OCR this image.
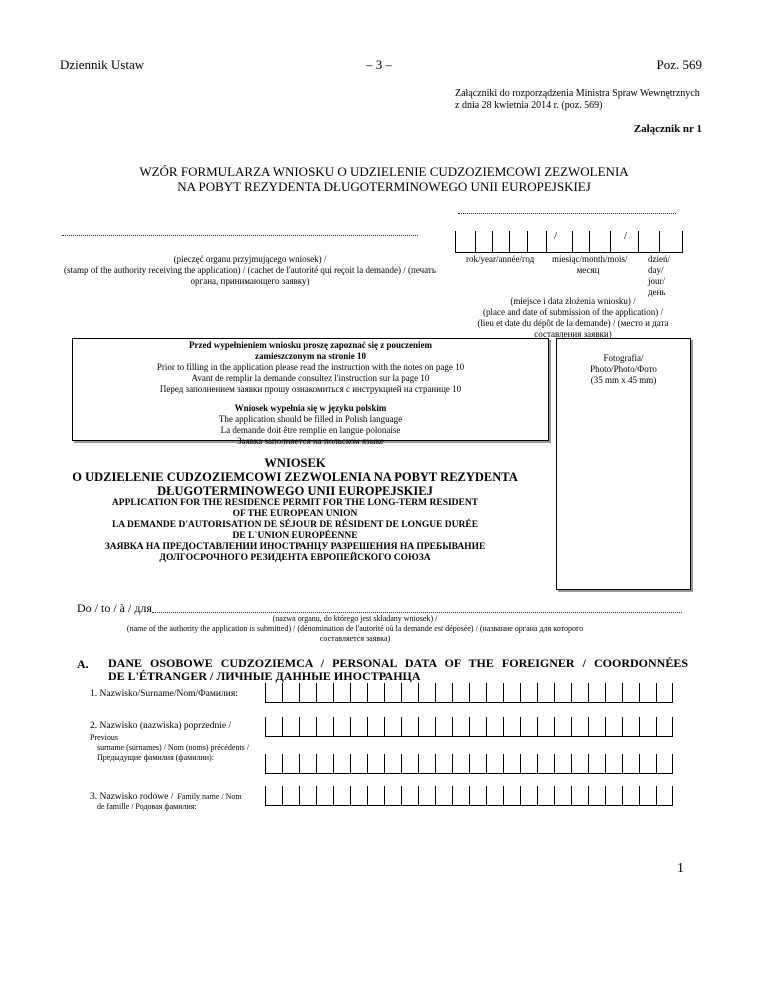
Dziennik Ustaw	– 3 –	Poz. 569
Załączniki do rozporządzenia Ministra Spraw Wewnętrznych
z dnia 28 kwietnia 2014 r. (poz. 569)
Załącznik nr 1
WZÓR FORMULARZA WNIOSKU O UDZIELENIE CUDZOZIEMCOWI ZEZWOLENIA
NA POBYT REZYDENTA DŁUGOTERMINOWEGO UNII EUROPEJSKIEJ
(pieczęć organu przyjmującego wniosek) /
(stamp of the authority receiving the application) / (cachet de l'autorité qui reçoit la demande) / (печать
органа, принимающего заявку)
/	/
rok/year/année/год miesiąc/month/mois/
месяц
dzień/
day/
jour/
день
(miejsce i data złożenia wniosku) /
(place and date of submission of the application) /
(lieu et date du dépôt de la demande) / (место и дата
составления заявки)
Przed wypełnieniem wniosku proszę zapoznać się z pouczeniem
zamieszczonym na stronie 10
Prior to filling in the application please read the instruction with the notes on page 10
Avant de remplir la demande consultez l'instruction sur la page 10
Перед заполнением заявки прошу ознакомиться с инструкцией на странице 10
Wniosek wypełnia się w języku polskim
The application should be filled in Polish language
La demande doit être remplie en langue polonaise
Заявка заполняется на польском языке
Fotografia/
Photo/Photo/Фото
(35 mm x 45 mm)
WNIOSEK
O UDZIELENIE CUDZOZIEMCOWI ZEZWOLENIA NA POBYT REZYDENTA
DŁUGOTERMINOWEGO UNII EUROPEJSKIEJ
APPLICATION FOR THE RESIDENCE PERMIT FOR THE LONG-TERM RESIDENT
OF THE EUROPEAN UNION
LA DEMANDE D'AUTORISATION DE SÉJOUR DE RÉSIDENT DE LONGUE DURÉE
DE L`UNION EUROPÉENNE
ЗАЯВКА НА ПРЕДОСТАВЛЕНИИ ИНОСТРАНЦУ РАЗРЕШЕНИЯ НА ПРЕБЫВАНИЕ
ДОЛГОСРОЧНОГО РЕЗИДЕНТА ЕВРОПЕЙСКОГО СОЮЗА
Do / to / à / для
(nazwa organu, do którego jest składany wniosek) /
(name of the authority the application is submitted) / (dénomination de l'autorité où la demande est déposée) / (название органа для которого
составляется заявка)
A. DANE OSOBOWE CUDZOZIEMCA / PERSONAL DATA OF THE FOREIGNER / COORDONNÉES
DE L'ÉTRANGER / ЛИЧНЫЕ ДАННЫЕ ИНОСТРАНЦА
1. Nazwisko/Surname/Nom/Фамилия:
2. Nazwisko (nazwiska) poprzednie / Previous
surname (surnames) / Nom (noms) précédents /
Предыдущие фамилия (фамилии):
3. Nazwisko rodowe / Family name / Nom
de famille / Родовая фамилия:
1
